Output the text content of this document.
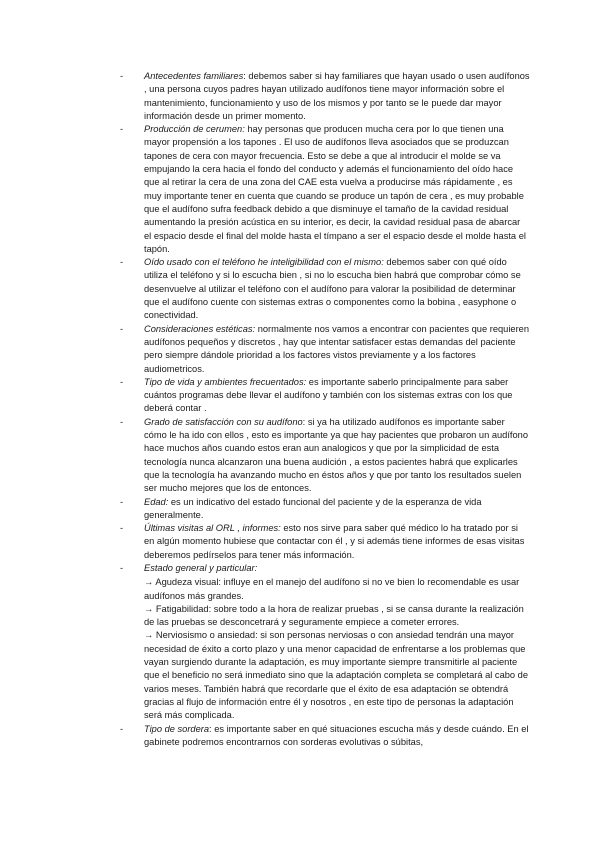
- Antecedentes familiares: debemos saber si hay familiares que hayan usado o usen audífonos , una persona cuyos padres hayan utilizado audífonos tiene mayor información sobre el mantenimiento, funcionamiento y uso de los mismos y por tanto se le puede dar mayor información desde un primer momento.
- Producción de cerumen: hay personas que producen mucha cera por lo que tienen una mayor propensión a los tapones . El uso de audífonos lleva asociados que se produzcan tapones de cera con mayor frecuencia. Esto se debe a que al introducir el molde se va empujando la cera hacia el fondo del conducto y además el funcionamiento del oído hace que al retirar la cera de una zona del CAE esta vuelva a producirse más rápidamente , es muy importante tener en cuenta que cuando se produce un tapón de cera , es muy probable que el audífono sufra feedback debido a que disminuye el tamaño de la cavidad residual aumentando la presión acústica en su interior, es decir, la cavidad residual pasa de abarcar el espacio desde el final del molde hasta el tímpano a ser el espacio desde el molde hasta el tapón.
- Oído usado con el teléfono he inteligibilidad con el mismo: debemos saber con qué oído utiliza el teléfono y si lo escucha bien , si no lo escucha bien habrá que comprobar cómo se desenvuelve al utilizar el teléfono con el audífono para valorar la posibilidad de determinar que el audífono cuente con sistemas extras o componentes como la bobina , easyphone o conectividad.
- Consideraciones estéticas: normalmente nos vamos a encontrar con pacientes que requieren audífonos pequeños y discretos , hay que intentar satisfacer estas demandas del paciente pero siempre dándole prioridad a los factores vistos previamente y a los factores audiometricos.
- Tipo de vida y ambientes frecuentados: es importante saberlo principalmente para saber cuántos programas debe llevar el audífono y también con los sistemas extras con los que deberá contar .
- Grado de satisfacción con su audífono: si ya ha utilizado audífonos es importante saber cómo le ha ido con ellos , esto es importante ya que hay pacientes que probaron un audífono hace muchos años cuando estos eran aun analogicos y que por la simplicidad de esta tecnología nunca alcanzaron una buena audición , a estos pacientes habrá que explicarles que la tecnología ha avanzando mucho en éstos años y que por tanto los resultados suelen ser mucho mejores que los de entonces.
- Edad: es un indicativo del estado funcional del paciente y de la esperanza de vida generalmente.
- Últimas visitas al ORL , informes: esto nos sirve para saber qué médico lo ha tratado por si en algún momento hubiese que contactar con él , y si además tiene informes de esas visitas deberemos pedírselos para tener más información.
- Estado general y particular:
→ Agudeza visual: influye en el manejo del audífono si no ve bien lo recomendable es usar audífonos más grandes.
→ Fatigabilidad: sobre todo a la hora de realizar pruebas , si se cansa durante la realización de las pruebas se desconcetrará y seguramente empiece a cometer errores.
→ Nerviosismo o ansiedad: si son personas nerviosas o con ansiedad tendrán una mayor necesidad de éxito a corto plazo y una menor capacidad de enfrentarse a los problemas que vayan surgiendo durante la adaptación, es muy importante siempre transmitirle al paciente que el beneficio no será inmediato sino que la adaptación completa se completará al cabo de varios meses. También habrá que recordarle que el éxito de esa adaptación se obtendrá gracias al flujo de información entre él y nosotros , en este tipo de personas la adaptación será más complicada.
- Tipo de sordera: es importante saber en qué situaciones escucha más y desde cuándo. En el gabinete podremos encontrarnos con sorderas evolutivas o súbitas,
